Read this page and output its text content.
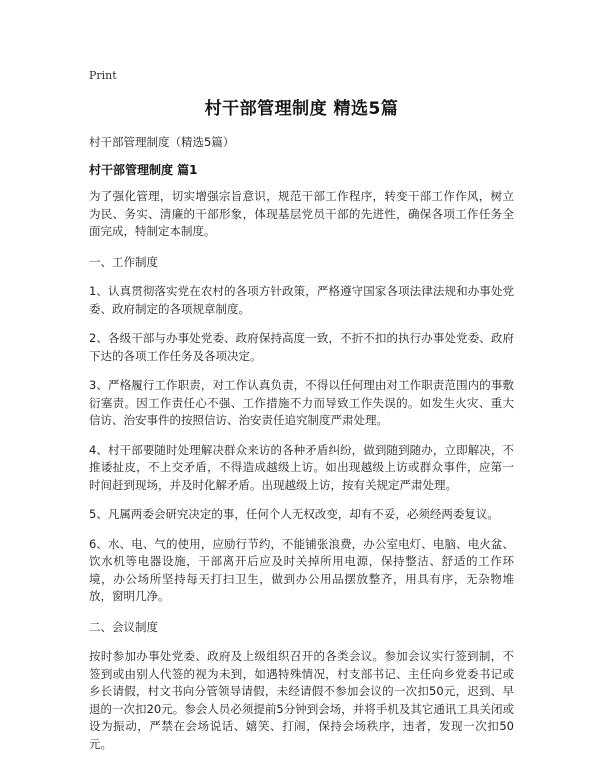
Print

村干部管理制度 精选5篇

村干部管理制度（精选5篇）

村干部管理制度 篇1

为了强化管理，切实增强宗旨意识，规范干部工作程序，转变干部工作作风，树立为民、务实、清廉的干部形象，体现基层党员干部的先进性，确保各项工作任务全面完成，特制定本制度。

一、工作制度

1、认真贯彻落实党在农村的各项方针政策，严格遵守国家各项法律法规和办事处党委、政府制定的各项规章制度。

2、各级干部与办事处党委、政府保持高度一致，不折不扣的执行办事处党委、政府下达的各项工作任务及各项决定。

3、严格履行工作职责，对工作认真负责，不得以任何理由对工作职责范围内的事敷衍塞责。因工作责任心不强、工作措施不力而导致工作失误的。如发生火灾、重大信访、治安事件的按照信访、治安责任追究制度严肃处理。

4、村干部要随时处理解决群众来访的各种矛盾纠纷，做到随到随办，立即解决，不推诿扯皮，不上交矛盾，不得造成越级上访。如出现越级上访或群众事件，应第一时间赶到现场，并及时化解矛盾。出现越级上访，按有关规定严肃处理。

5、凡属两委会研究决定的事，任何个人无权改变，却有不妥，必须经两委复议。

6、水、电、气的使用，应励行节约，不能铺张浪费，办公室电灯、电脑、电火盆、饮水机等电器设施，干部离开后应及时关掉所用电源，保持整洁、舒适的工作环境，办公场所坚持每天打扫卫生，做到办公用品摆放整齐，用具有序，无杂物堆放，窗明几净。

二、会议制度

按时参加办事处党委、政府及上级组织召开的各类会议。参加会议实行签到制，不签到或由别人代签的视为未到，如遇特殊情况，村支部书记、主任向乡党委书记或乡长请假，村文书向分管领导请假，未经请假不参加会议的一次扣50元，迟到、早退的一次扣20元。参会人员必须提前5分钟到会场，并将手机及其它通讯工具关闭或设为振动，严禁在会场说话、嬉笑、打闹，保持会场秩序，违者，发现一次扣50元。
